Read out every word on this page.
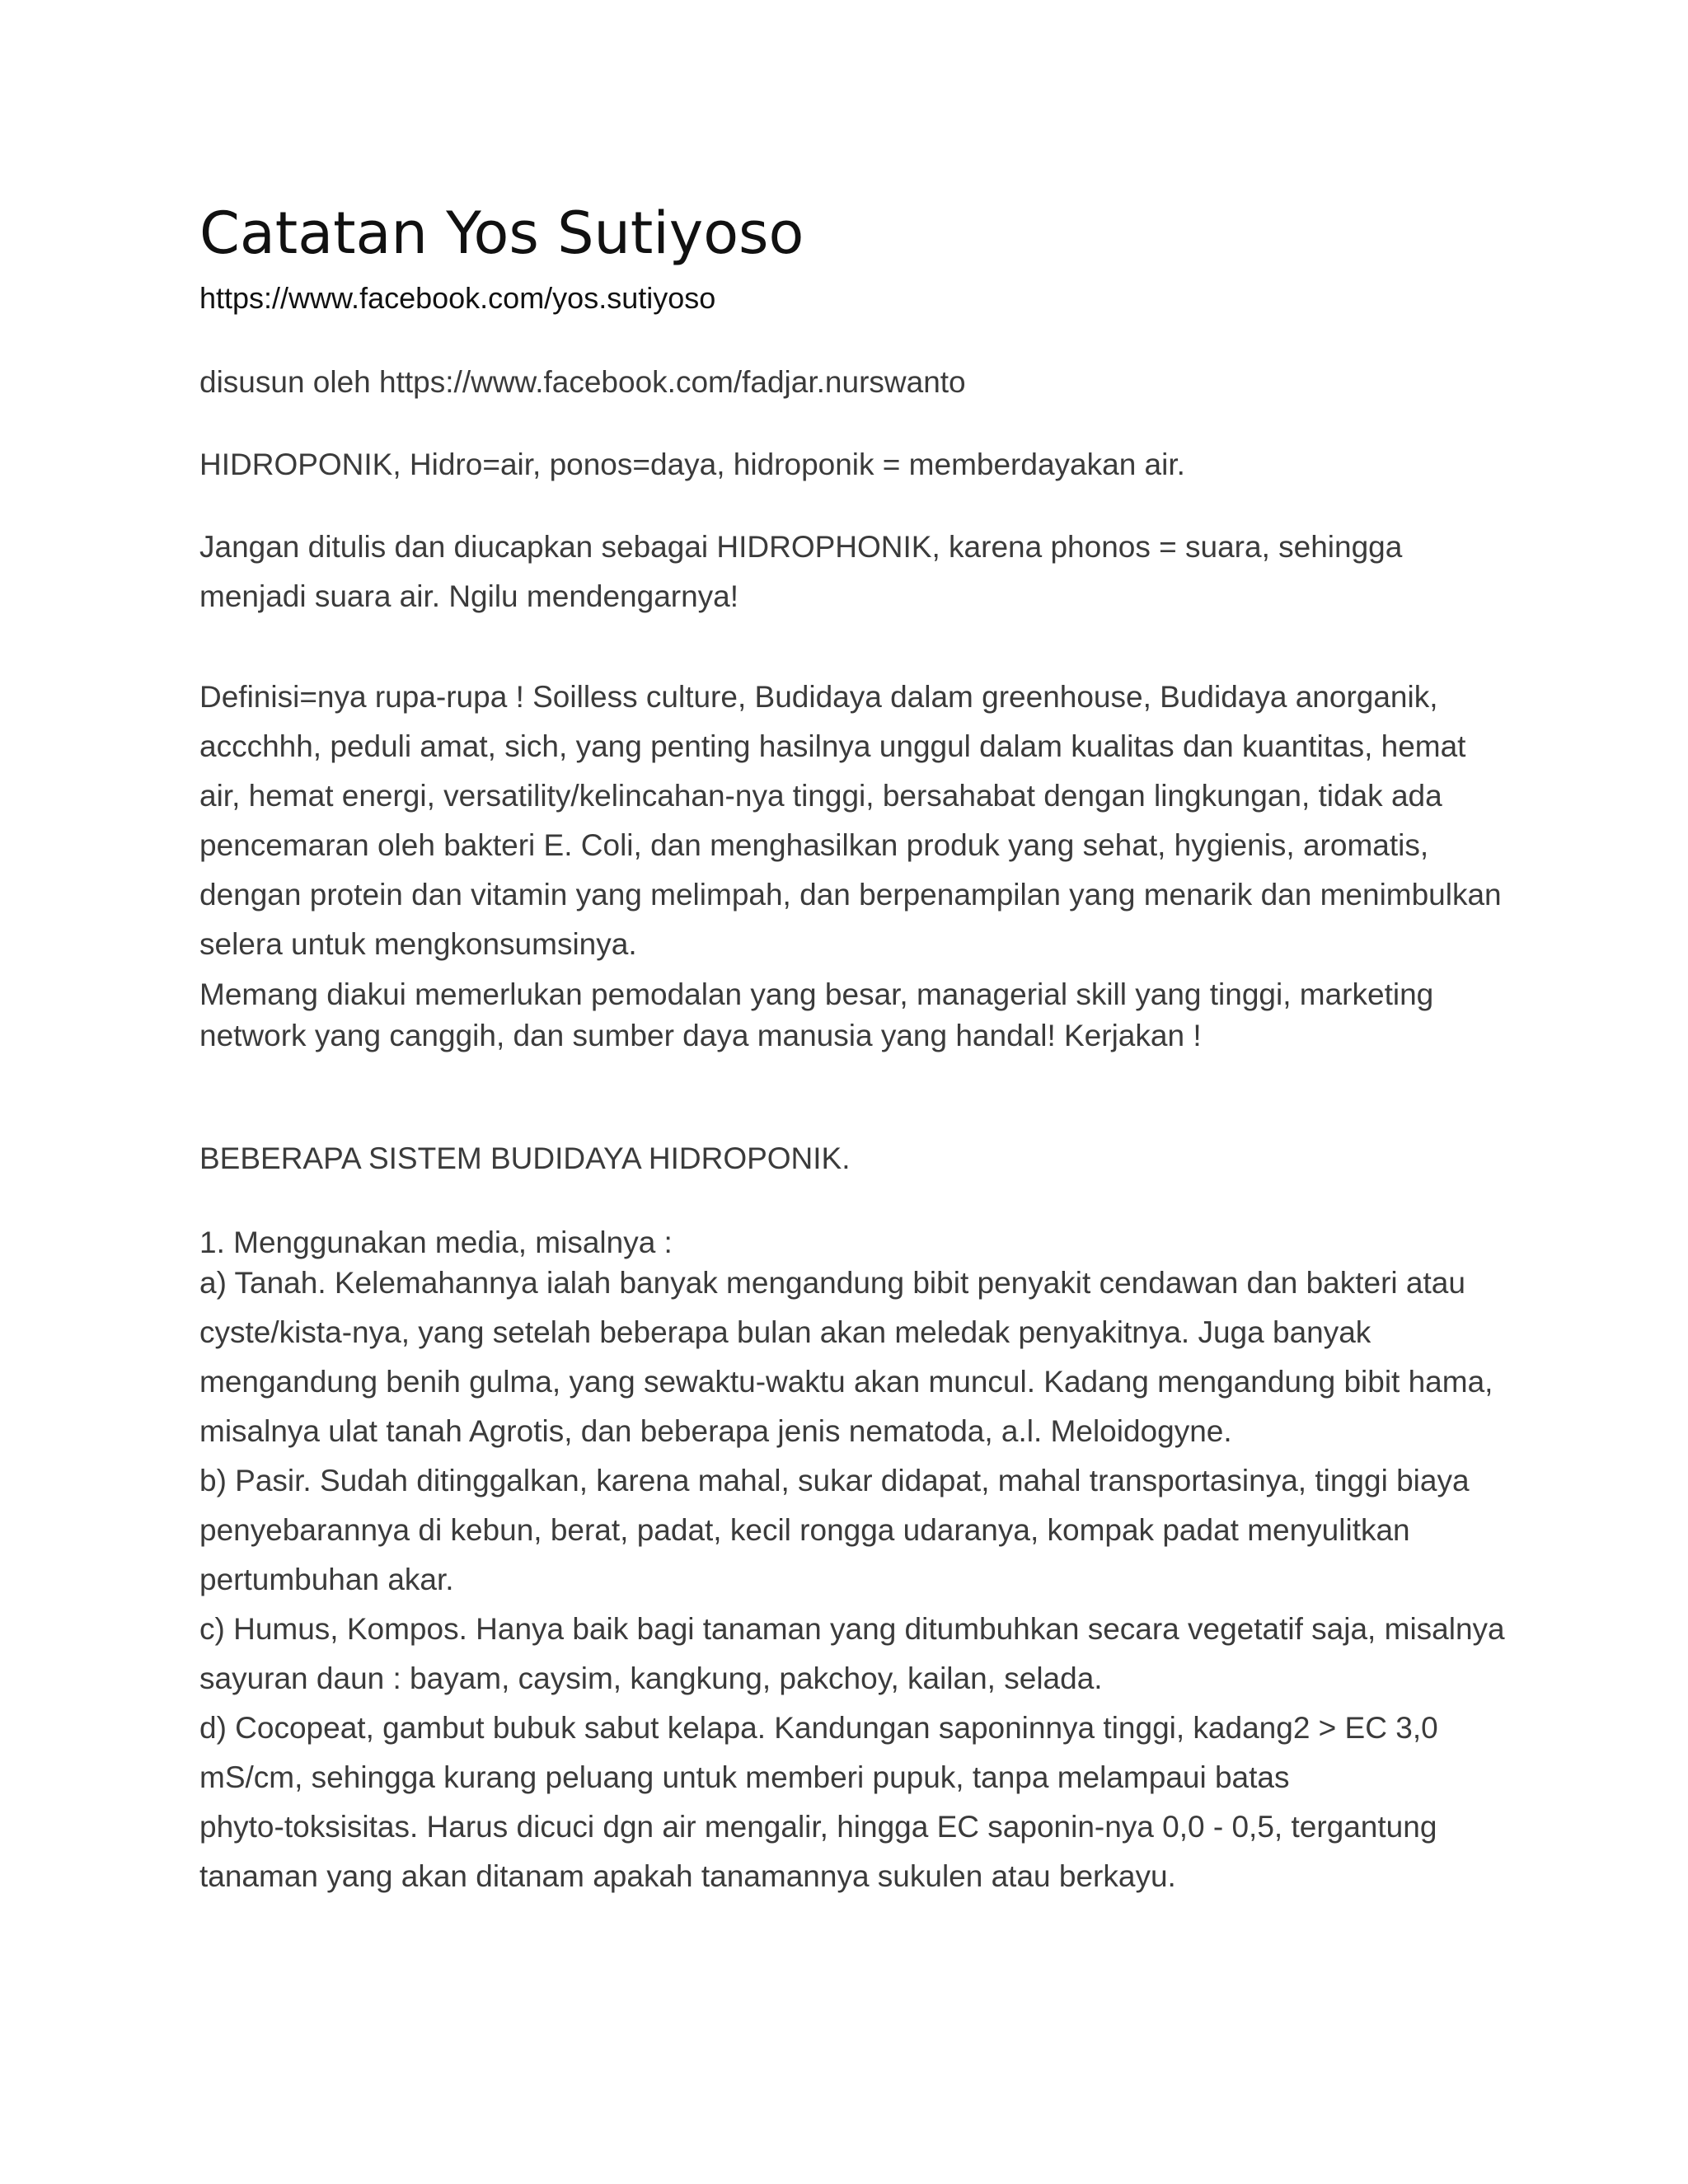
Catatan Yos Sutiyoso
https://www.facebook.com/yos.sutiyoso
disusun oleh https://www.facebook.com/fadjar.nurswanto
HIDROPONIK, Hidro=air, ponos=daya, hidroponik = memberdayakan air.
Jangan ditulis dan diucapkan sebagai HIDROPHONIK, karena phonos = suara, sehingga
menjadi suara air. Ngilu mendengarnya!
Definisi=nya rupa-rupa ! Soilless culture, Budidaya dalam greenhouse, Budidaya anorganik,
accchhh, peduli amat, sich, yang penting hasilnya unggul dalam kualitas dan kuantitas, hemat
air, hemat energi, versatility/kelincahan-nya tinggi, bersahabat dengan lingkungan, tidak ada
pencemaran oleh bakteri E. Coli, dan menghasilkan produk yang sehat, hygienis, aromatis,
dengan protein dan vitamin yang melimpah, dan berpenampilan yang menarik dan menimbulkan
selera untuk mengkonsumsinya.
Memang diakui memerlukan pemodalan yang besar, managerial skill yang tinggi, marketing
network yang canggih, dan sumber daya manusia yang handal! Kerjakan !
BEBERAPA SISTEM BUDIDAYA HIDROPONIK.
1. Menggunakan media, misalnya :
a) Tanah. Kelemahannya ialah banyak mengandung bibit penyakit cendawan dan bakteri atau
cyste/kista-nya, yang setelah beberapa bulan akan meledak penyakitnya. Juga banyak
mengandung benih gulma, yang sewaktu-waktu akan muncul. Kadang mengandung bibit hama,
misalnya ulat tanah Agrotis, dan beberapa jenis nematoda, a.l. Meloidogyne.
b) Pasir. Sudah ditinggalkan, karena mahal, sukar didapat, mahal transportasinya, tinggi biaya
penyebarannya di kebun, berat, padat, kecil rongga udaranya, kompak padat menyulitkan
pertumbuhan akar.
c) Humus, Kompos. Hanya baik bagi tanaman yang ditumbuhkan secara vegetatif saja, misalnya
sayuran daun : bayam, caysim, kangkung, pakchoy, kailan, selada.
d) Cocopeat, gambut bubuk sabut kelapa. Kandungan saponinnya tinggi, kadang2 > EC 3,0
mS/cm, sehingga kurang peluang untuk memberi pupuk, tanpa melampaui batas
phyto-toksisitas. Harus dicuci dgn air mengalir, hingga EC saponin-nya 0,0 - 0,5, tergantung
tanaman yang akan ditanam apakah tanamannya sukulen atau berkayu.
